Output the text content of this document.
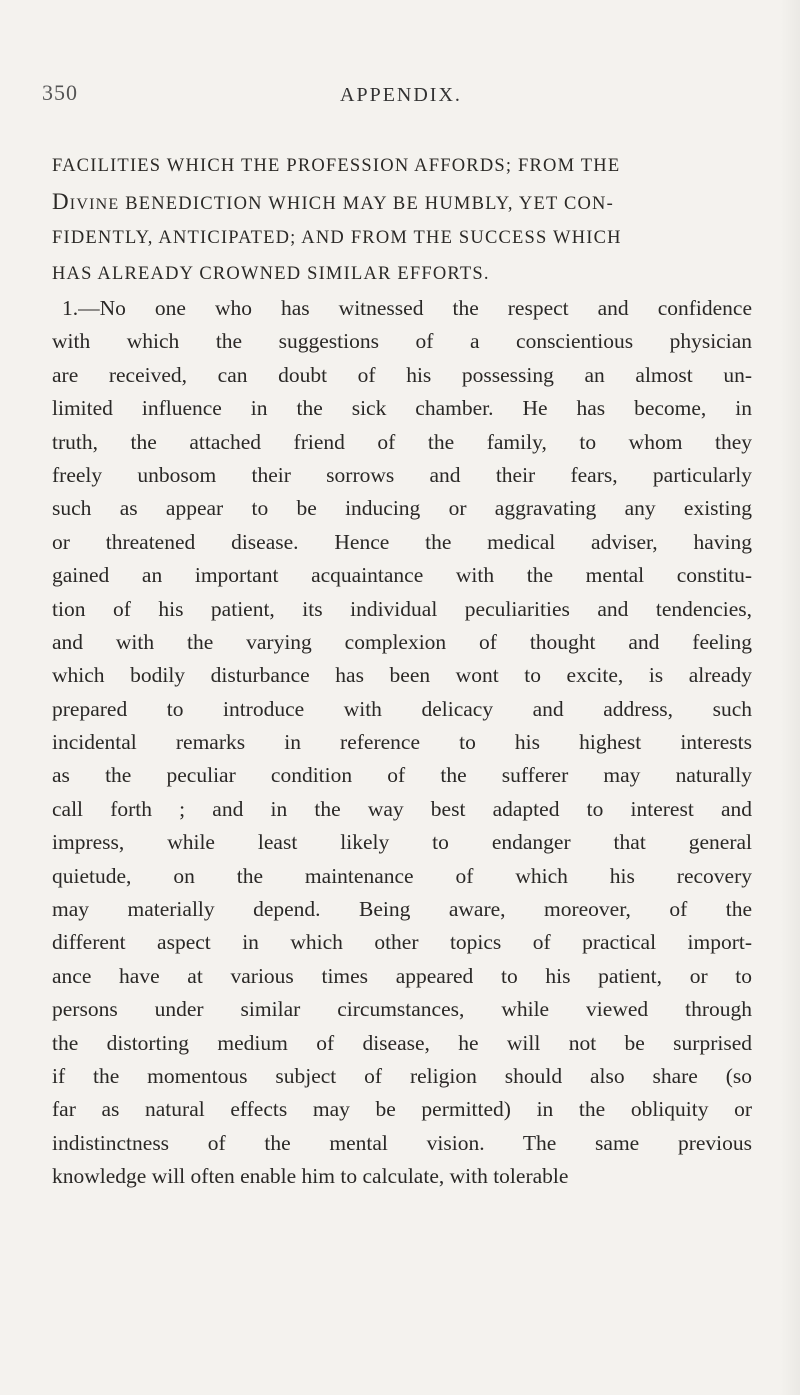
350	APPENDIX.
FACILITIES WHICH THE PROFESSION AFFORDS; FROM THE
Divine BENEDICTION WHICH MAY BE HUMBLY, YET CON-
FIDENTLY, ANTICIPATED; AND FROM THE SUCCESS WHICH
HAS ALREADY CROWNED SIMILAR EFFORTS.
1.—No one who has witnessed the respect and confidence
with which the suggestions of a conscientious physician
are received, can doubt of his possessing an almost un-
limited influence in the sick chamber. He has become, in
truth, the attached friend of the family, to whom they
freely unbosom their sorrows and their fears, particularly
such as appear to be inducing or aggravating any existing
or threatened disease. Hence the medical adviser, having
gained an important acquaintance with the mental constitu-
tion of his patient, its individual peculiarities and tendencies,
and with the varying complexion of thought and feeling
which bodily disturbance has been wont to excite, is already
prepared to introduce with delicacy and address, such
incidental remarks in reference to his highest interests
as the peculiar condition of the sufferer may naturally
call forth ; and in the way best adapted to interest and
impress, while least likely to endanger that general
quietude, on the maintenance of which his recovery
may materially depend. Being aware, moreover, of the
different aspect in which other topics of practical import-
ance have at various times appeared to his patient, or to
persons under similar circumstances, while viewed through
the distorting medium of disease, he will not be surprised
if the momentous subject of religion should also share (so
far as natural effects may be permitted) in the obliquity or
indistinctness of the mental vision. The same previous
knowledge will often enable him to calculate, with tolerable
